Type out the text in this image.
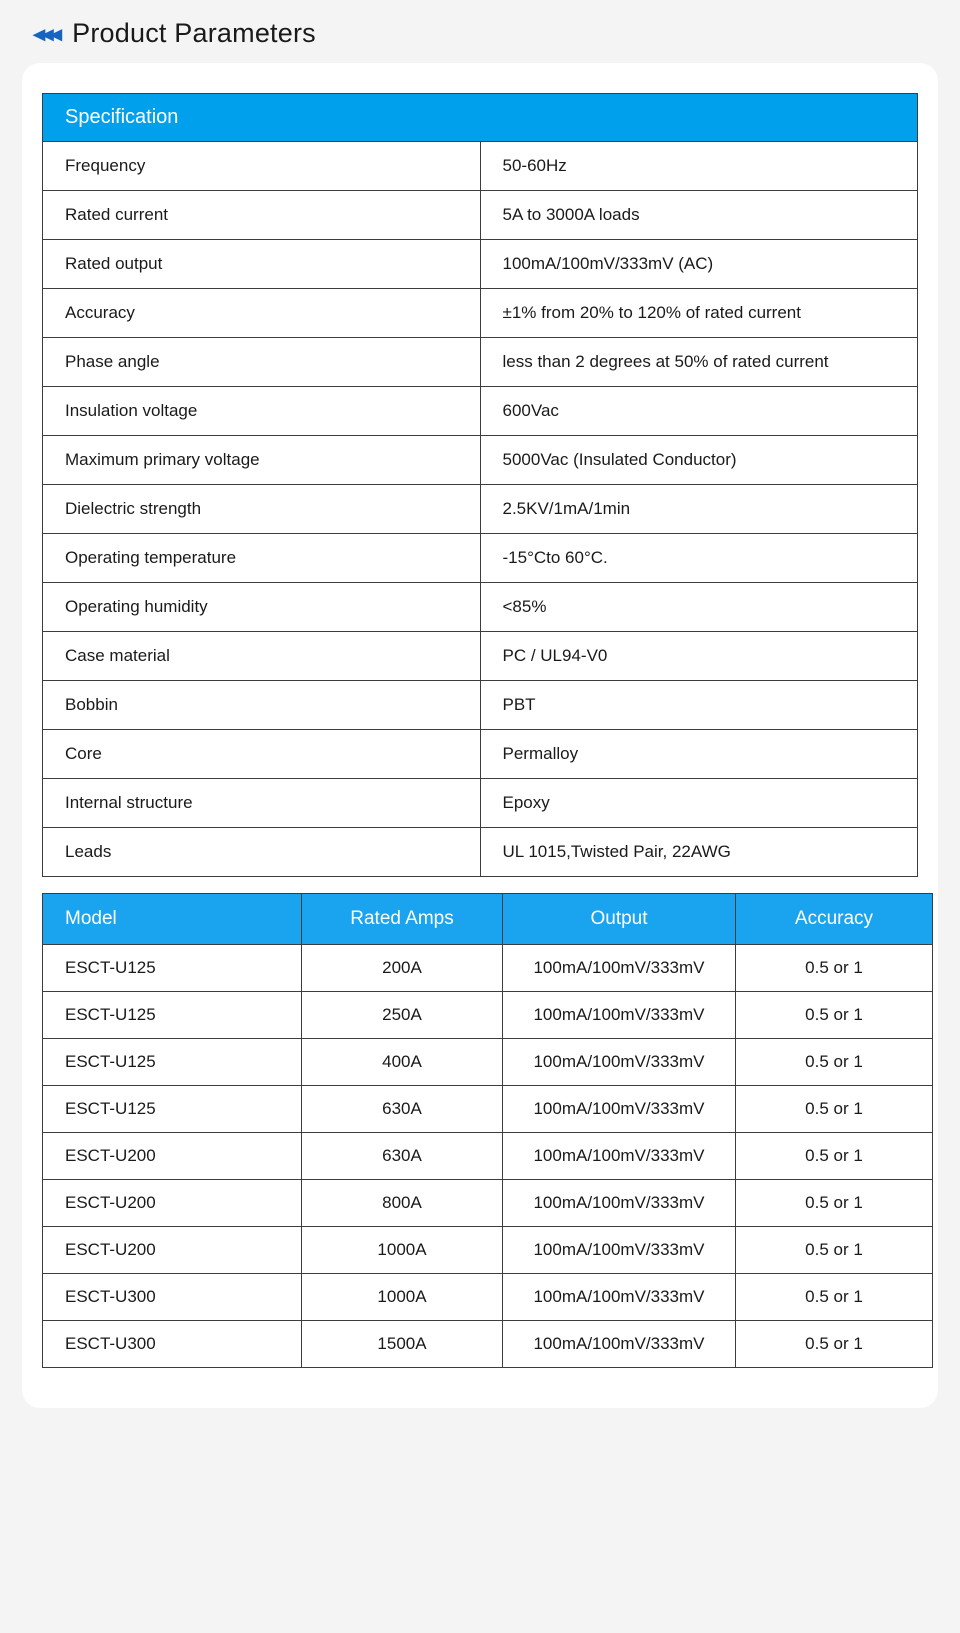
◂◂◂ Product Parameters
Specification	
Frequency	50-60Hz
Rated current	5A to 3000A loads
Rated output	100mA/100mV/333mV (AC)
Accuracy	±1% from 20% to 120% of rated current
Phase angle	less than 2 degrees at 50% of rated current
Insulation voltage	600Vac
Maximum primary voltage	5000Vac (Insulated Conductor)
Dielectric strength	2.5KV/1mA/1min
Operating temperature	-15°Cto 60°C.
Operating humidity	<85%
Case material	PC / UL94-V0
Bobbin	PBT
Core	Permalloy
Internal structure	Epoxy
Leads	UL 1015,Twisted Pair, 22AWG
Model	Rated Amps	Output	Accuracy
ESCT-U125	200A	100mA/100mV/333mV	0.5 or 1
ESCT-U125	250A	100mA/100mV/333mV	0.5 or 1
ESCT-U125	400A	100mA/100mV/333mV	0.5 or 1
ESCT-U125	630A	100mA/100mV/333mV	0.5 or 1
ESCT-U200	630A	100mA/100mV/333mV	0.5 or 1
ESCT-U200	800A	100mA/100mV/333mV	0.5 or 1
ESCT-U200	1000A	100mA/100mV/333mV	0.5 or 1
ESCT-U300	1000A	100mA/100mV/333mV	0.5 or 1
ESCT-U300	1500A	100mA/100mV/333mV	0.5 or 1
